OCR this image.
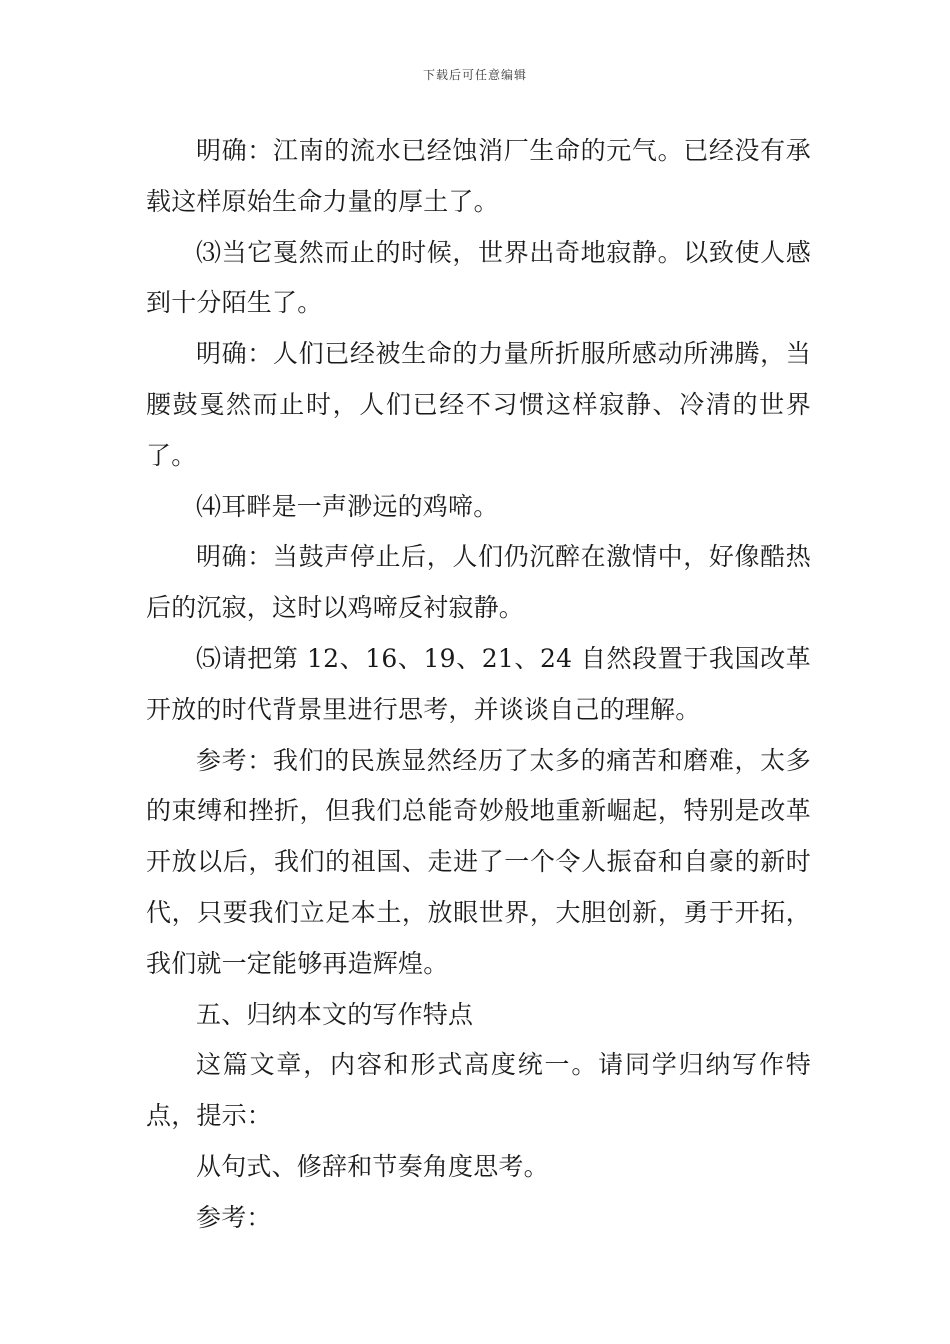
下载后可任意编辑

明确：江南的流水已经蚀消厂生命的元气。已经没有承载这样原始生命力量的厚土了。

⑶当它戛然而止的时候，世界出奇地寂静。以致使人感到十分陌生了。

明确：人们已经被生命的力量所折服所感动所沸腾，当腰鼓戛然而止时，人们已经不习惯这样寂静、冷清的世界了。

⑷耳畔是一声渺远的鸡啼。

明确：当鼓声停止后，人们仍沉醉在激情中，好像酷热后的沉寂，这时以鸡啼反衬寂静。

⑸请把第 12、16、19、21、24 自然段置于我国改革开放的时代背景里进行思考，并谈谈自己的理解。

参考：我们的民族显然经历了太多的痛苦和磨难，太多的束缚和挫折，但我们总能奇妙般地重新崛起，特别是改革开放以后，我们的祖国、走进了一个令人振奋和自豪的新时代，只要我们立足本土，放眼世界，大胆创新，勇于开拓，我们就一定能够再造辉煌。

五、归纳本文的写作特点

这篇文章，内容和形式高度统一。请同学归纳写作特点，提示：

从句式、修辞和节奏角度思考。

参考：
